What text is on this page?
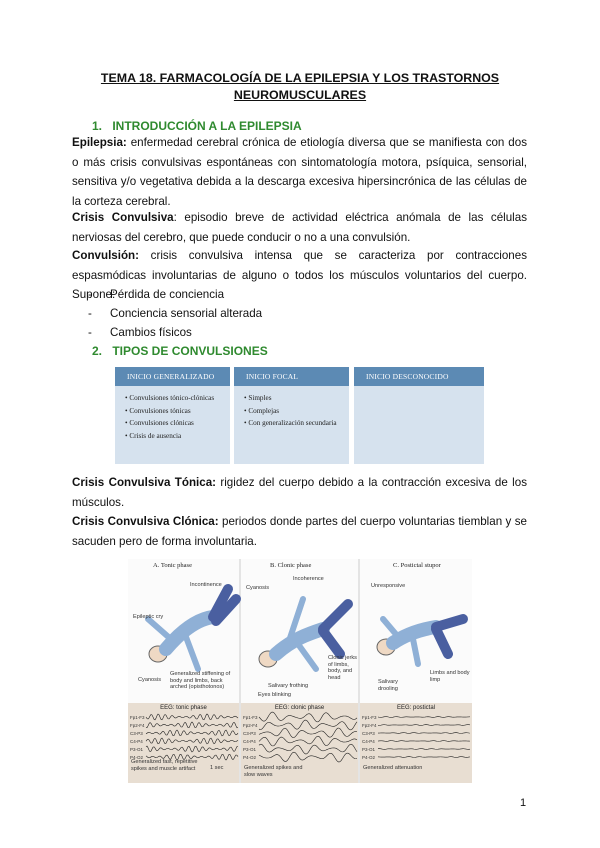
TEMA 18. FARMACOLOGÍA DE LA EPILEPSIA Y LOS TRASTORNOS
NEUROMUSCULARES
1. INTRODUCCIÓN A LA EPILEPSIA
Epilepsia: enfermedad cerebral crónica de etiología diversa que se manifiesta con dos o más crisis convulsivas espontáneas con sintomatología motora, psíquica, sensorial, sensitiva y/o vegetativa debida a la descarga excesiva hipersincrónica de las células de la corteza cerebral.
Crisis Convulsiva: episodio breve de actividad eléctrica anómala de las células nerviosas del cerebro, que puede conducir o no a una convulsión.
Convulsión: crisis convulsiva intensa que se caracteriza por contracciones espasmódicas involuntarias de alguno o todos los músculos voluntarios del cuerpo. Supone:
- Pérdida de conciencia
- Conciencia sensorial alterada
- Cambios físicos
2. TIPOS DE CONVULSIONES
INICIO GENERALIZADO
• Convulsiones tónico-clónicas
• Convulsiones tónicas
• Convulsiones clónicas
• Crisis de ausencia
INICIO FOCAL
• Simples
• Complejas
• Con generalización secundaria
INICIO DESCONOCIDO
Crisis Convulsiva Tónica: rigidez del cuerpo debido a la contracción excesiva de los músculos.
Crisis Convulsiva Clónica: periodos donde partes del cuerpo voluntarias tiemblan y se sacuden pero de forma involuntaria.
A. Tonic phase	B. Clonic phase	C. Postictal stupor
Incontinence
Epileptic cry
Cyanosis
Generalized stiffening of body and limbs, back arched (opisthotonos)
Incoherence
Cyanosis
Clonic jerks of limbs, body, and head
Salivary frothing
Eyes blinking
Unresponsive
Limbs and body limp
Salivary drooling
EEG: tonic phase	EEG: clonic phase	EEG: postictal
Fp1-F3
Fp2-F4
C3-P3
C4-P4
P3-O1
P4-O2
Fp1-F3
Fp2-F4
C3-P3
C4-P4
P3-O1
P4-O2
Fp1-F3
Fp2-F4
C3-P3
C4-P4
P3-O1
P4-O2
Generalized fast, repetitive spikes and muscle artifact	Generalized spikes and slow waves
Generalized attenuation
1 sec
1
